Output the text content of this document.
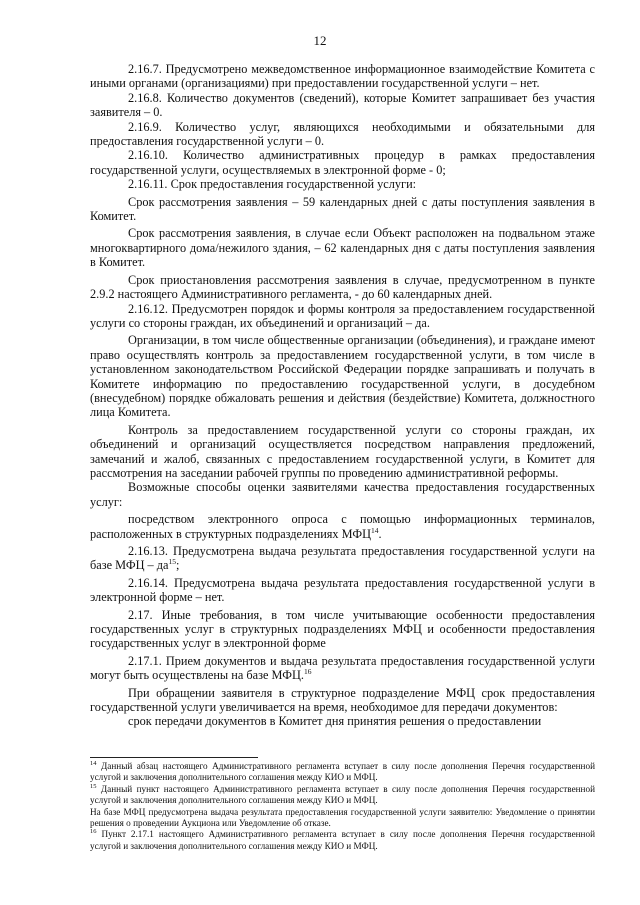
12

2.16.7. Предусмотрено межведомственное информационное взаимодействие Комитета с иными органами (организациями) при предоставлении государственной услуги – нет.

2.16.8. Количество документов (сведений), которые Комитет запрашивает без участия заявителя – 0.

2.16.9. Количество услуг, являющихся необходимыми и обязательными для предоставления государственной услуги – 0.

2.16.10. Количество административных процедур в рамках предоставления государственной услуги, осуществляемых в электронной форме - 0;

2.16.11. Срок предоставления государственной услуги:

Срок рассмотрения заявления – 59 календарных дней с даты поступления заявления в Комитет.

Срок рассмотрения заявления, в случае если Объект расположен на подвальном этаже многоквартирного дома/нежилого здания, – 62 календарных дня с даты поступления заявления в Комитет.

Срок приостановления рассмотрения заявления в случае, предусмотренном в пункте 2.9.2 настоящего Административного регламента, - до 60 календарных дней.

2.16.12. Предусмотрен порядок и формы контроля за предоставлением государственной услуги со стороны граждан, их объединений и организаций – да.

Организации, в том числе общественные организации (объединения), и граждане имеют право осуществлять контроль за предоставлением государственной услуги, в том числе в установленном законодательством Российской Федерации порядке запрашивать и получать в Комитете информацию по предоставлению государственной услуги, в досудебном (внесудебном) порядке обжаловать решения и действия (бездействие) Комитета, должностного лица Комитета.

Контроль за предоставлением государственной услуги со стороны граждан, их объединений и организаций осуществляется посредством направления предложений, замечаний и жалоб, связанных с предоставлением государственной услуги, в Комитет для рассмотрения на заседании рабочей группы по проведению административной реформы.

Возможные способы оценки заявителями качества предоставления государственных услуг:

посредством электронного опроса с помощью информационных терминалов, расположенных в структурных подразделениях МФЦ$^{14}$.

2.16.13. Предусмотрена выдача результата предоставления государственной услуги на базе МФЦ – $да^{15}$;

2.16.14. Предусмотрена выдача результата предоставления государственной услуги в электронной форме – нет.

2.17. Иные требования, в том числе учитывающие особенности предоставления государственных услуг в структурных подразделениях МФЦ и особенности предоставления государственных услуг в электронной форме

2.17.1. Прием документов и выдача результата предоставления государственной услуги могут быть осуществлены на базе МФЦ.$^{16}$

При обращении заявителя в структурное подразделение МФЦ срок предоставления государственной услуги увеличивается на время, необходимое для передачи документов:

срок передачи документов в Комитет дня принятия решения о предоставлении

$^{14}$ Данный абзац настоящего Административного регламента вступает в силу после дополнения Перечня государственной услугой и заключения дополнительного соглашения между КИО и МФЦ.

$^{15}$ Данный пункт настоящего Административного регламента вступает в силу после дополнения Перечня государственной услугой и заключения дополнительного соглашения между КИО и МФЦ.

На базе МФЦ предусмотрена выдача результата предоставления государственной услуги заявителю: Уведомление о принятии решения о проведении Аукциона или Уведомление об отказе.

$^{16}$ Пункт 2.17.1 настоящего Административного регламента вступает в силу после дополнения Перечня государственной услугой и заключения дополнительного соглашения между КИО и МФЦ.
